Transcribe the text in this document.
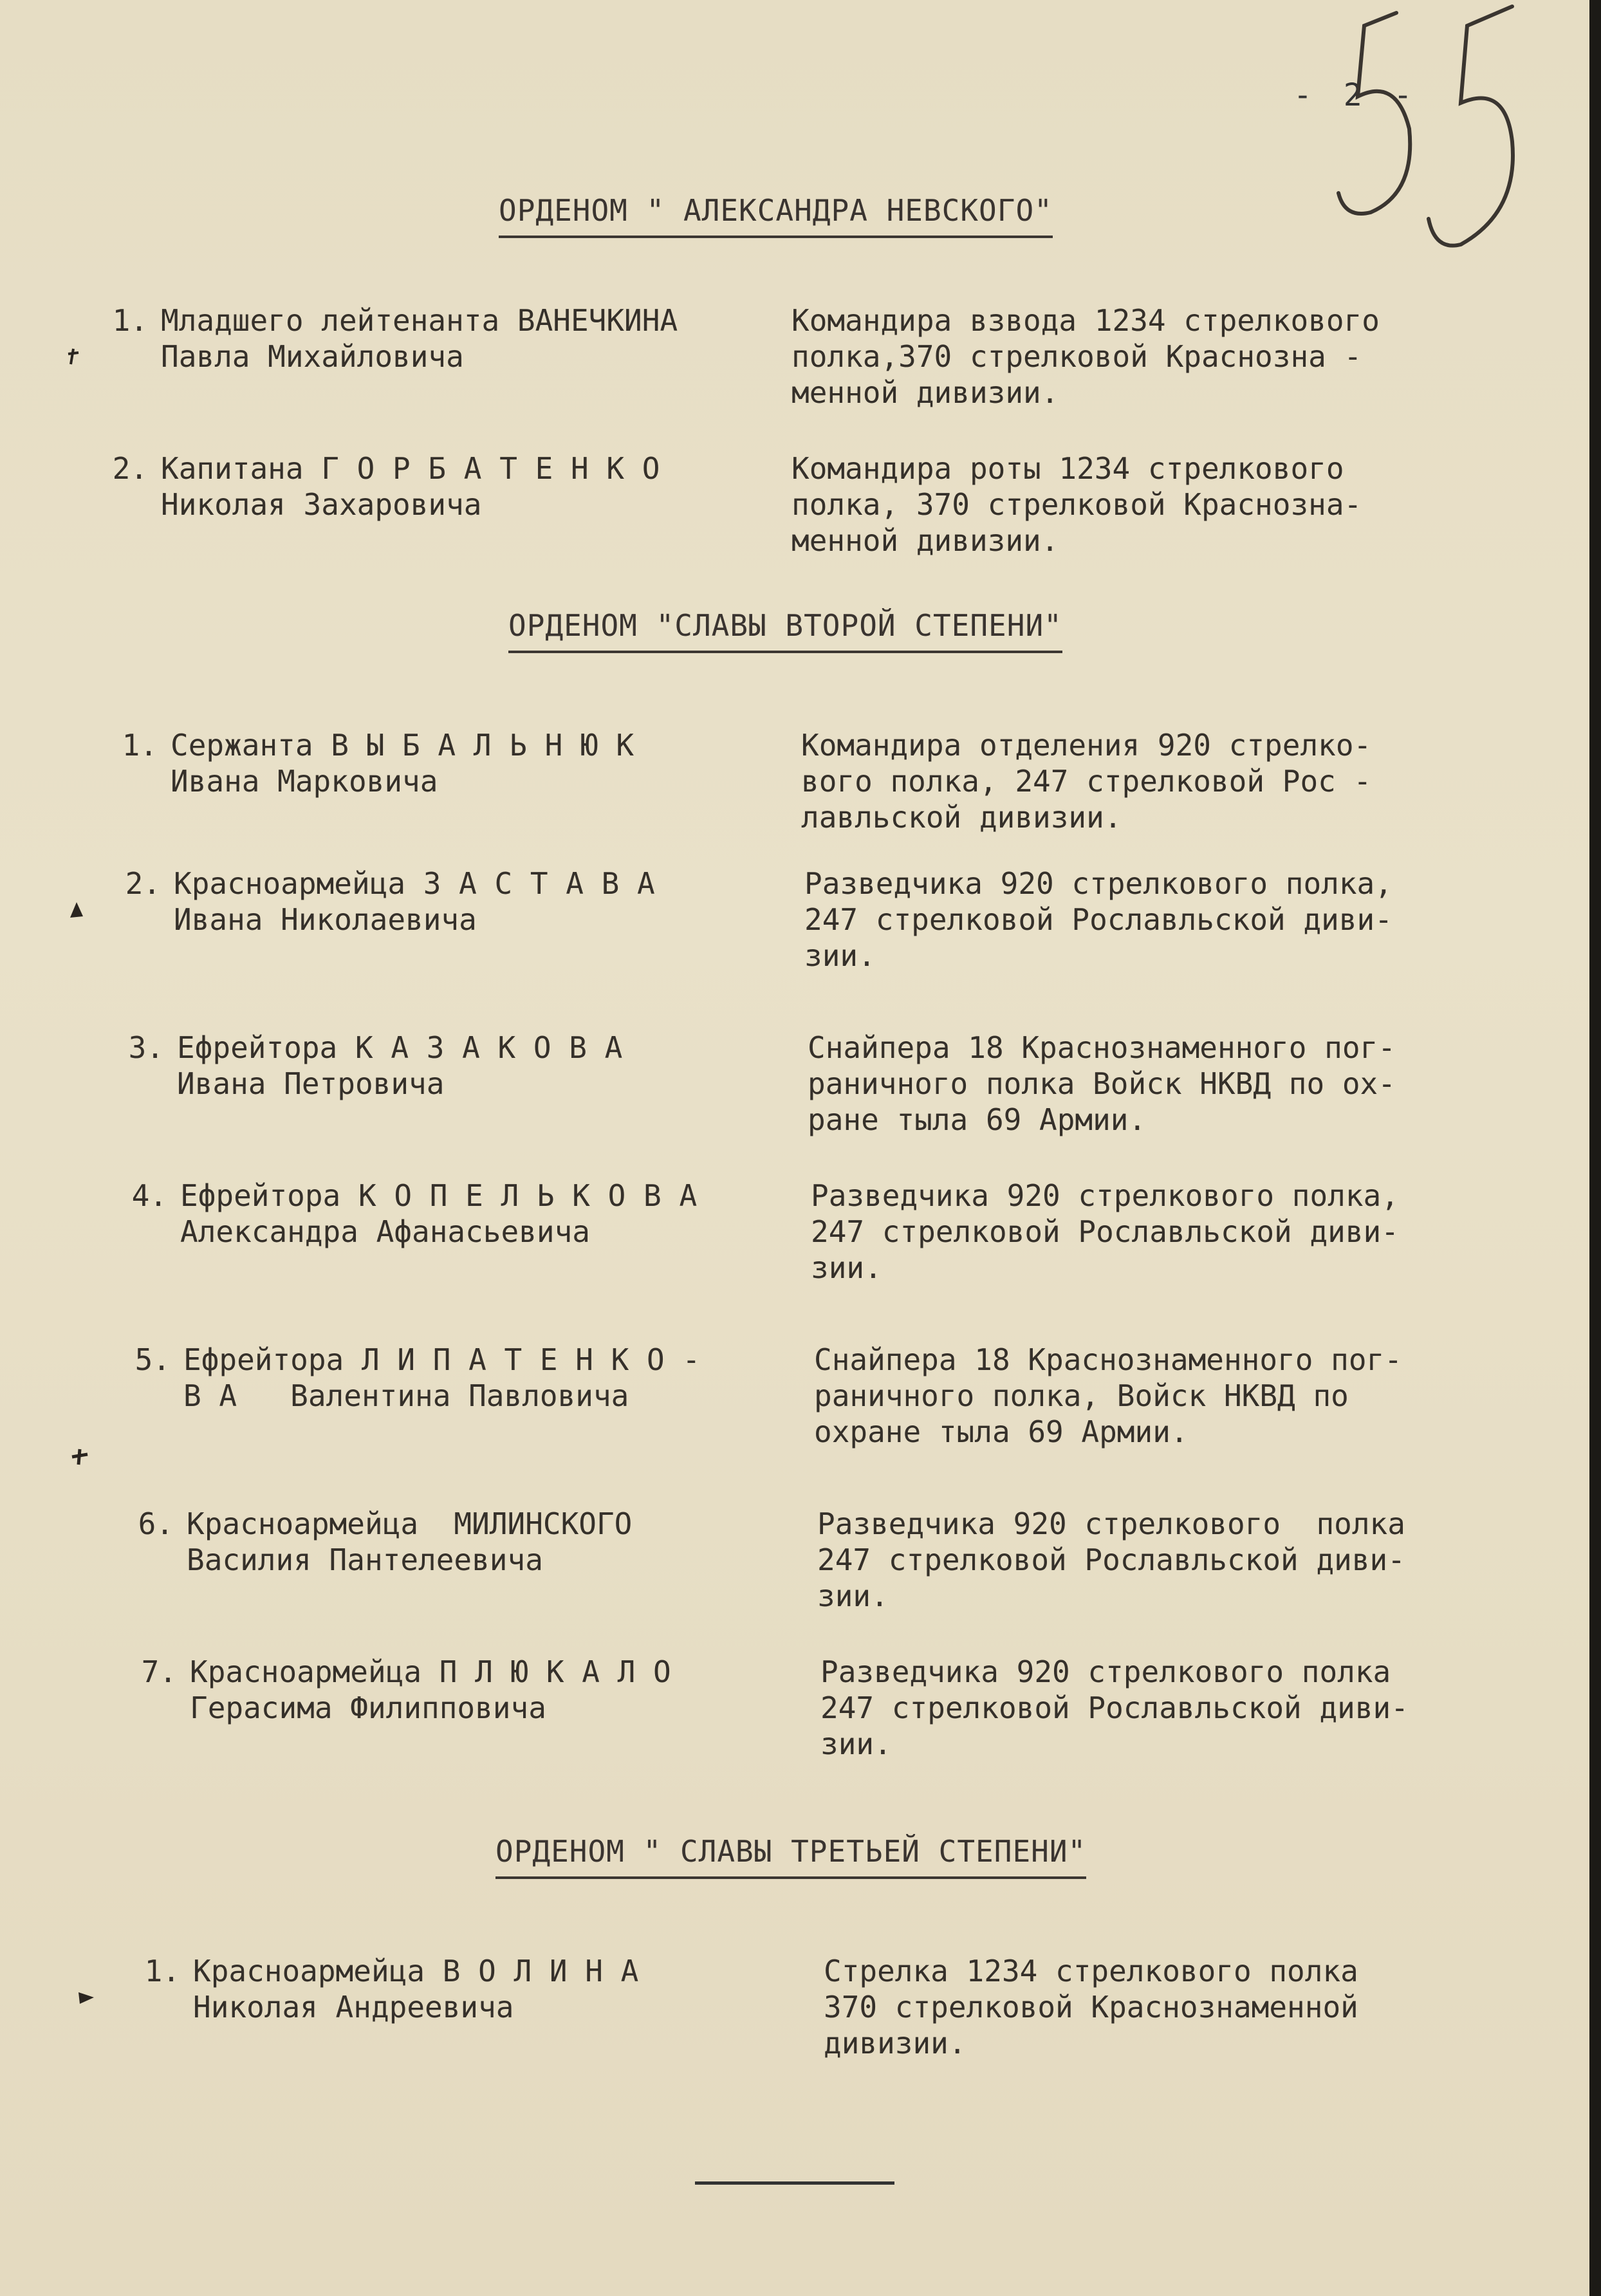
- 2 -
ОРДЕНОМ " АЛЕКСАНДРА НЕВСКОГО"
1. Младшего лейтенанта ВАНЕЧКИНА
Павла Михайловича
Командира взвода 1234 стрелкового
полка,370 стрелковой Краснозна -
менной дивизии.
2. Капитана Г О Р Б А Т Е Н К О
Николая Захаровича
Командира роты 1234 стрелкового
полка, 370 стрелковой Краснозна-
менной дивизии.
ОРДЕНОМ "СЛАВЫ ВТОРОЙ СТЕПЕНИ"
1. Сержанта В Ы Б А Л Ь Н Ю К
Ивана Марковича
Командира отделения 920 стрелко-
вого полка, 247 стрелковой Рос -
лавльской дивизии.
2. Красноармейца З А С Т А В А
Ивана Николаевича
Разведчика 920 стрелкового полка,
247 стрелковой Рославльской диви-
зии.
3. Ефрейтора К А З А К О В А
Ивана Петровича
Снайпера 18 Краснознаменного пог-
раничного полка Войск НКВД по ох-
ране тыла 69 Армии.
4. Ефрейтора К О П Е Л Ь К О В А
Александра Афанасьевича
Разведчика 920 стрелкового полка,
247 стрелковой Рославльской диви-
зии.
5. Ефрейтора Л И П А Т Е Н К О -
В А   Валентина Павловича
Снайпера 18 Краснознаменного пог-
раничного полка, Войск НКВД по
охране тыла 69 Армии.
6. Красноармейца  МИЛИНСКОГО
Василия Пантелеевича
Разведчика 920 стрелкового  полка
247 стрелковой Рославльской диви-
зии.
7. Красноармейца П Л Ю К А Л О
Герасима Филипповича
Разведчика 920 стрелкового полка
247 стрелковой Рославльской диви-
зии.
ОРДЕНОМ " СЛАВЫ ТРЕТЬЕЙ СТЕПЕНИ"
1. Красноармейца В О Л И Н А
Николая Андреевича
Стрелка 1234 стрелкового полка
370 стрелковой Краснознаменной
дивизии.
